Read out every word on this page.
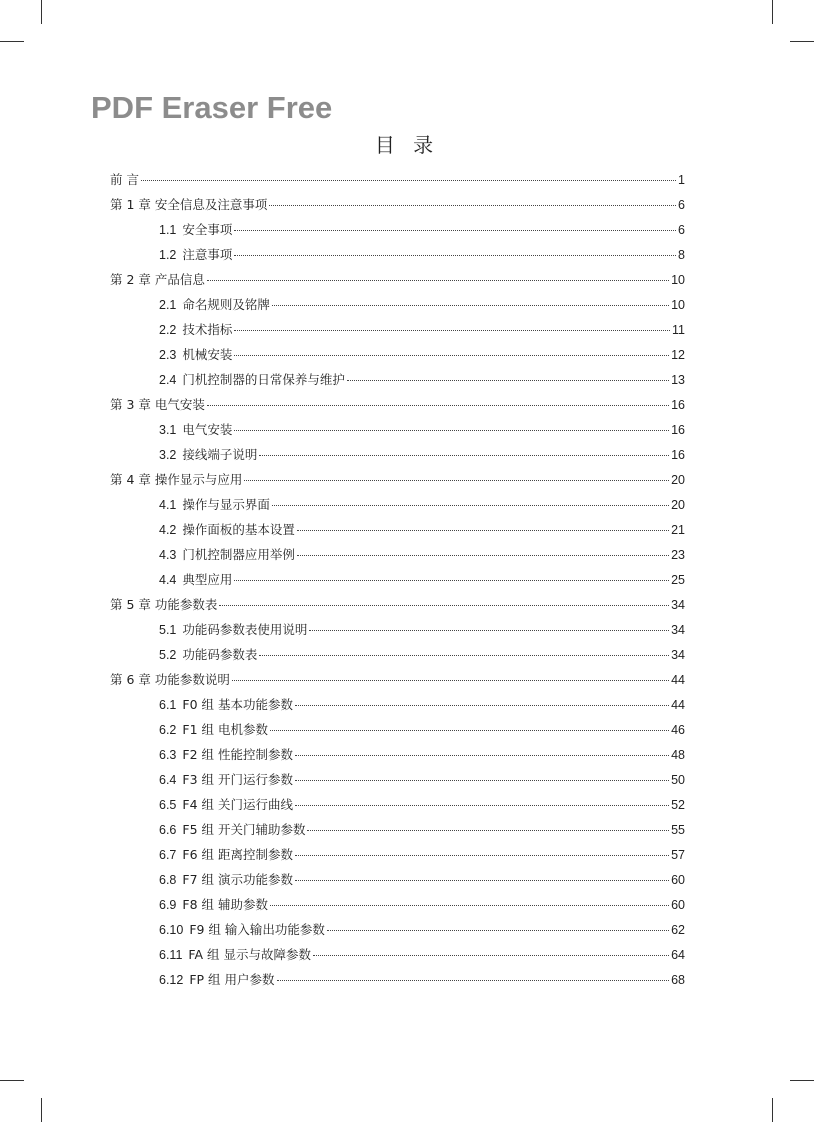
PDF Eraser Free
目 录
前 言	1
第 1 章 安全信息及注意事项	6
1.1 安全事项	6
1.2 注意事项	8
第 2 章 产品信息	10
2.1 命名规则及铭牌	10
2.2 技术指标	11
2.3 机械安装	12
2.4 门机控制器的日常保养与维护	13
第 3 章 电气安装	16
3.1 电气安装	16
3.2 接线端子说明	16
第 4 章 操作显示与应用	20
4.1 操作与显示界面	20
4.2 操作面板的基本设置	21
4.3 门机控制器应用举例	23
4.4 典型应用	25
第 5 章 功能参数表	34
5.1 功能码参数表使用说明	34
5.2 功能码参数表	34
第 6 章 功能参数说明	44
6.1 F0 组 基本功能参数	44
6.2 F1 组 电机参数	46
6.3 F2 组 性能控制参数	48
6.4 F3 组 开门运行参数	50
6.5 F4 组 关门运行曲线	52
6.6 F5 组 开关门辅助参数	55
6.7 F6 组 距离控制参数	57
6.8 F7 组 演示功能参数	60
6.9 F8 组 辅助参数	60
6.10 F9 组 输入输出功能参数	62
6.11 FA 组 显示与故障参数	64
6.12 FP 组 用户参数	68
